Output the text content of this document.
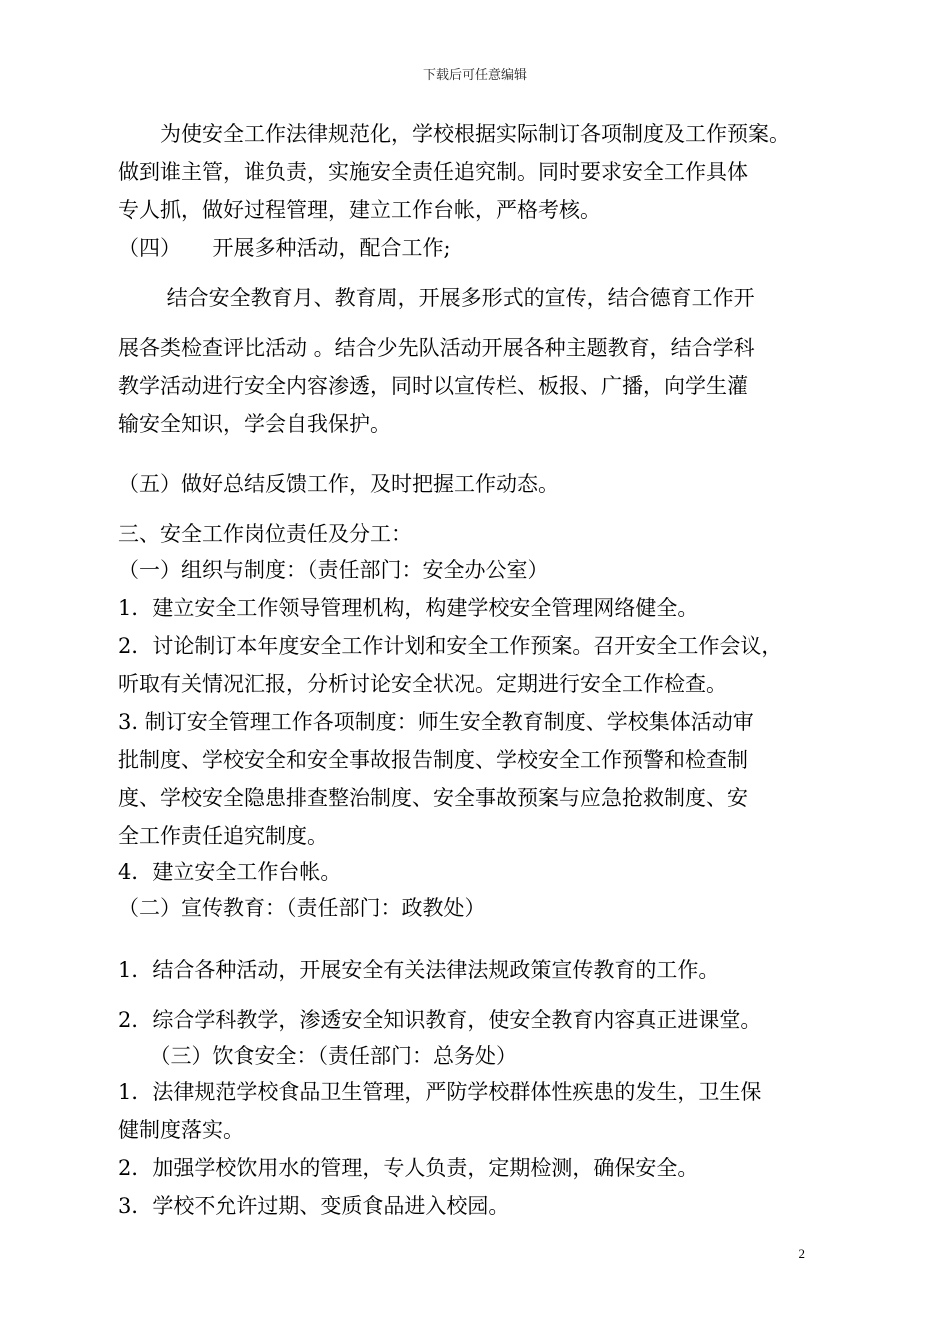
下载后可任意编辑
　　为使安全工作法律规范化，学校根据实际制订各项制度及工作预案。
做到谁主管，谁负责，实施安全责任追究制。同时要求安全工作具体
专人抓，做好过程管理，建立工作台帐，严格考核。
（四）　　开展多种活动，配合工作;
　　 结合安全教育月、教育周，开展多形式的宣传，结合德育工作开
展各类检查评比活动 。结合少先队活动开展各种主题教育，结合学科
教学活动进行安全内容渗透，同时以宣传栏、板报、广播，向学生灌
输安全知识，学会自我保护。
（五）做好总结反馈工作，及时把握工作动态。
三、安全工作岗位责任及分工：
（一）组织与制度：（责任部门：安全办公室）
1．建立安全工作领导管理机构，构建学校安全管理网络健全。
2．讨论制订本年度安全工作计划和安全工作预案。召开安全工作会议，
听取有关情况汇报，分析讨论安全状况。定期进行安全工作检查。
3. 制订安全管理工作各项制度：师生安全教育制度、学校集体活动审
批制度、学校安全和安全事故报告制度、学校安全工作预警和检查制
度、学校安全隐患排查整治制度、安全事故预案与应急抢救制度、安
全工作责任追究制度。
4．建立安全工作台帐。
（二）宣传教育：（责任部门：政教处）
1．结合各种活动，开展安全有关法律法规政策宣传教育的工作。
2．综合学科教学，渗透安全知识教育，使安全教育内容真正进课堂。
　　（三）饮食安全：（责任部门：总务处）
1．法律规范学校食品卫生管理，严防学校群体性疾患的发生，卫生保
健制度落实。
2．加强学校饮用水的管理，专人负责，定期检测，确保安全。
3．学校不允许过期、变质食品进入校园。
2
